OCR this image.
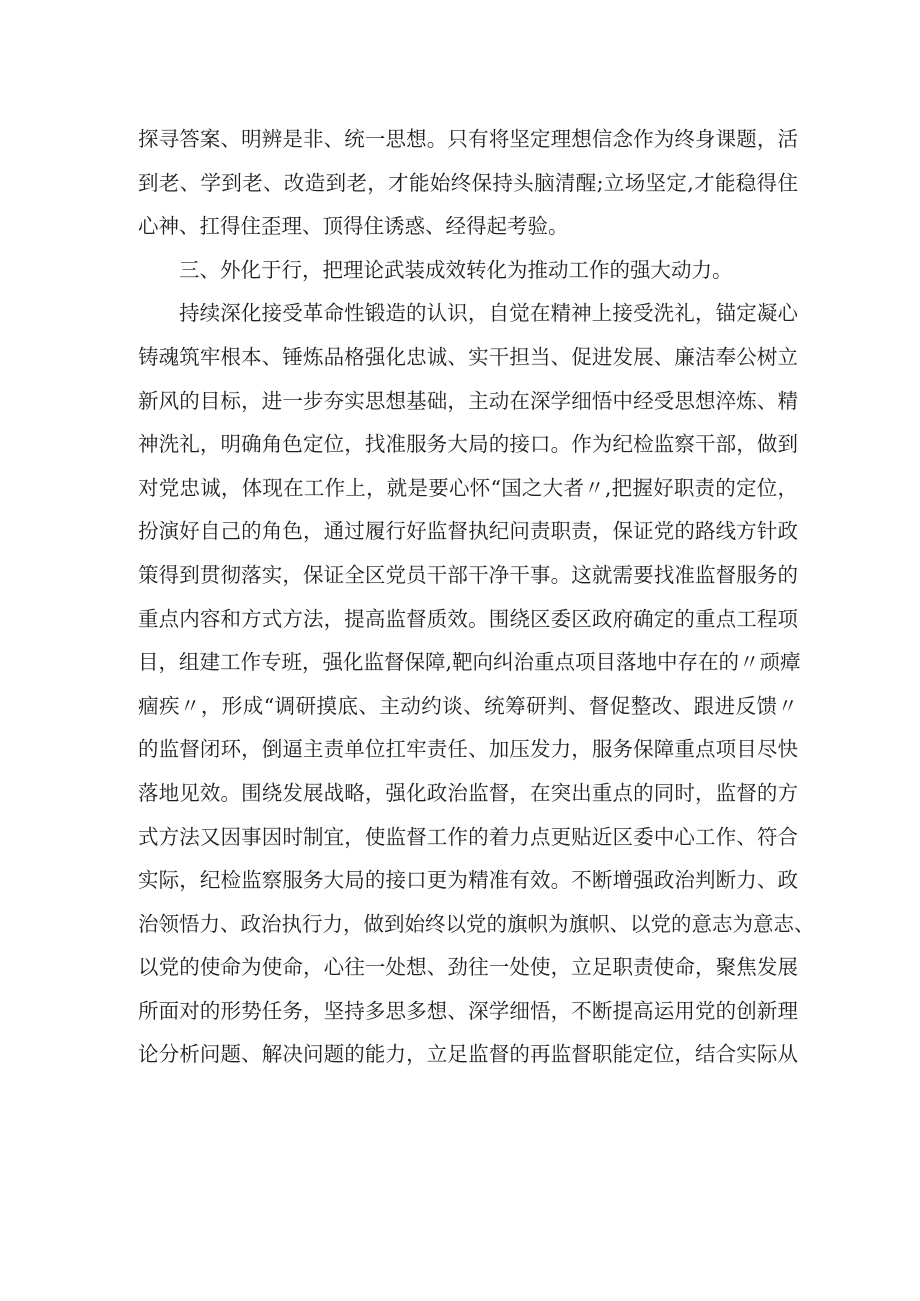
探寻答案、明辨是非、统一思想。只有将坚定理想信念作为终身课题，活
到老、学到老、改造到老，才能始终保持头脑清醒;立场坚定,才能稳得住
心神、扛得住歪理、顶得住诱惑、经得起考验。
三、外化于行，把理论武装成效转化为推动工作的强大动力。
持续深化接受革命性锻造的认识，自觉在精神上接受洗礼，锚定凝心
铸魂筑牢根本、锤炼品格强化忠诚、实干担当、促进发展、廉洁奉公树立
新风的目标，进一步夯实思想基础，主动在深学细悟中经受思想淬炼、精
神洗礼，明确角色定位，找准服务大局的接口。作为纪检监察干部，做到
对党忠诚，体现在工作上，就是要心怀“国之大者〃,把握好职责的定位，
扮演好自己的角色，通过履行好监督执纪问责职责，保证党的路线方针政
策得到贯彻落实，保证全区党员干部干净干事。这就需要找准监督服务的
重点内容和方式方法，提高监督质效。围绕区委区政府确定的重点工程项
目，组建工作专班，强化监督保障,靶向纠治重点项目落地中存在的〃顽瘴
痼疾〃，形成“调研摸底、主动约谈、统筹研判、督促整改、跟进反馈〃
的监督闭环，倒逼主责单位扛牢责任、加压发力，服务保障重点项目尽快
落地见效。围绕发展战略，强化政治监督，在突出重点的同时，监督的方
式方法又因事因时制宜，使监督工作的着力点更贴近区委中心工作、符合
实际，纪检监察服务大局的接口更为精准有效。不断增强政治判断力、政
治领悟力、政治执行力，做到始终以党的旗帜为旗帜、以党的意志为意志、
以党的使命为使命，心往一处想、劲往一处使，立足职责使命，聚焦发展
所面对的形势任务，坚持多思多想、深学细悟，不断提高运用党的创新理
论分析问题、解决问题的能力，立足监督的再监督职能定位，结合实际从
